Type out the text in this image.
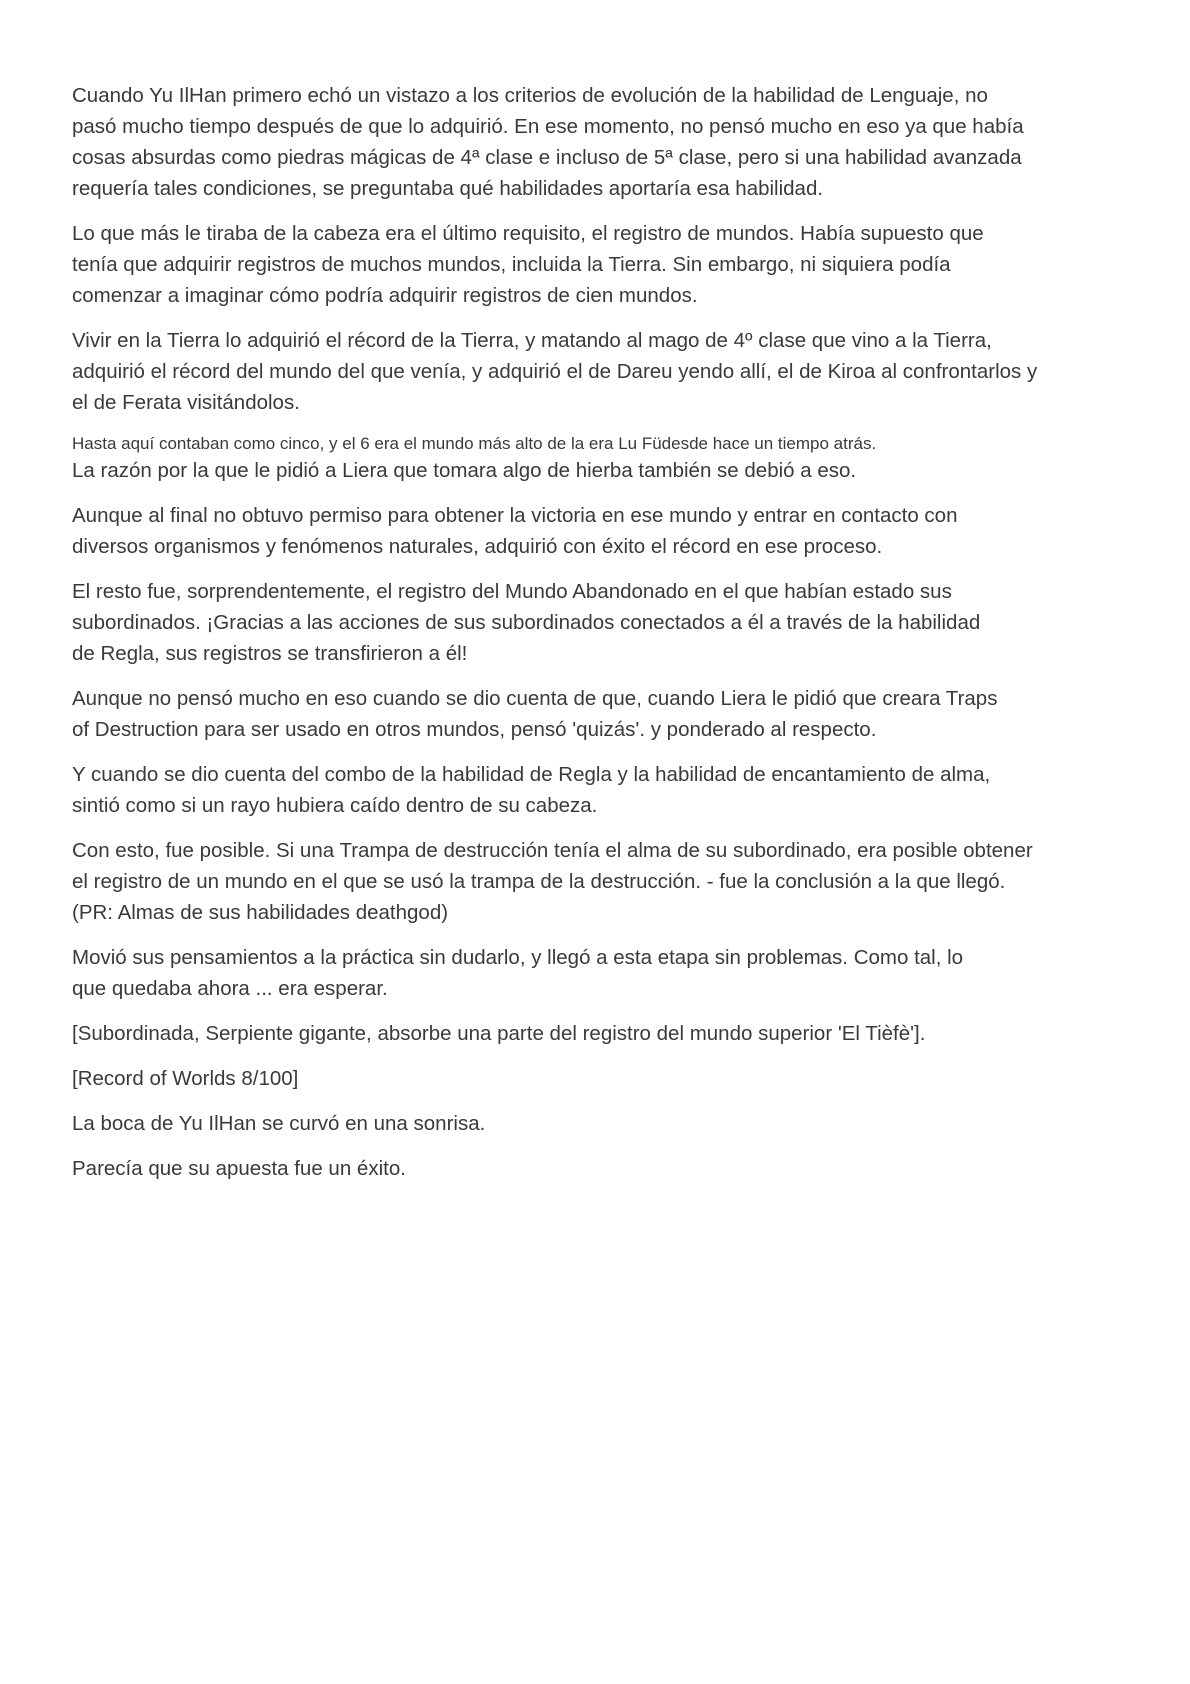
Cuando Yu IlHan primero echó un vistazo a los criterios de evolución de la habilidad de Lenguaje, no
pasó mucho tiempo después de que lo adquirió. En ese momento, no pensó mucho en eso ya que había
cosas absurdas como piedras mágicas de 4ª clase e incluso de 5ª clase, pero si una habilidad avanzada
requería tales condiciones, se preguntaba qué habilidades aportaría esa habilidad.

Lo que más le tiraba de la cabeza era el último requisito, el registro de mundos. Había supuesto que
tenía que adquirir registros de muchos mundos, incluida la Tierra. Sin embargo, ni siquiera podía
comenzar a imaginar cómo podría adquirir registros de cien mundos.

Vivir en la Tierra lo adquirió el récord de la Tierra, y matando al mago de 4º clase que vino a la Tierra,
adquirió el récord del mundo del que venía, y adquirió el de Dareu yendo allí, el de Kiroa al confrontarlos y
el de Ferata visitándolos.

Hasta aquí contaban como cinco, y el 6 era el mundo más alto de la era Lu Füdesde hace un tiempo atrás.
La razón por la que le pidió a Liera que tomara algo de hierba también se debió a eso.

Aunque al final no obtuvo permiso para obtener la victoria en ese mundo y entrar en contacto con
diversos organismos y fenómenos naturales, adquirió con éxito el récord en ese proceso.

El resto fue, sorprendentemente, el registro del Mundo Abandonado en el que habían estado sus
subordinados. ¡Gracias a las acciones de sus subordinados conectados a él a través de la habilidad
de Regla, sus registros se transfirieron a él!

Aunque no pensó mucho en eso cuando se dio cuenta de que, cuando Liera le pidió que creara Traps
of Destruction para ser usado en otros mundos, pensó 'quizás'. y ponderado al respecto.

Y cuando se dio cuenta del combo de la habilidad de Regla y la habilidad de encantamiento de alma,
sintió como si un rayo hubiera caído dentro de su cabeza.

Con esto, fue posible. Si una Trampa de destrucción tenía el alma de su subordinado, era posible obtener
el registro de un mundo en el que se usó la trampa de la destrucción. - fue la conclusión a la que llegó.
(PR: Almas de sus habilidades deathgod)

Movió sus pensamientos a la práctica sin dudarlo, y llegó a esta etapa sin problemas. Como tal, lo
que quedaba ahora ... era esperar.

[Subordinada, Serpiente gigante, absorbe una parte del registro del mundo superior 'El Tièfè'].

[Record of Worlds 8/100]

La boca de Yu IlHan se curvó en una sonrisa.

Parecía que su apuesta fue un éxito.
